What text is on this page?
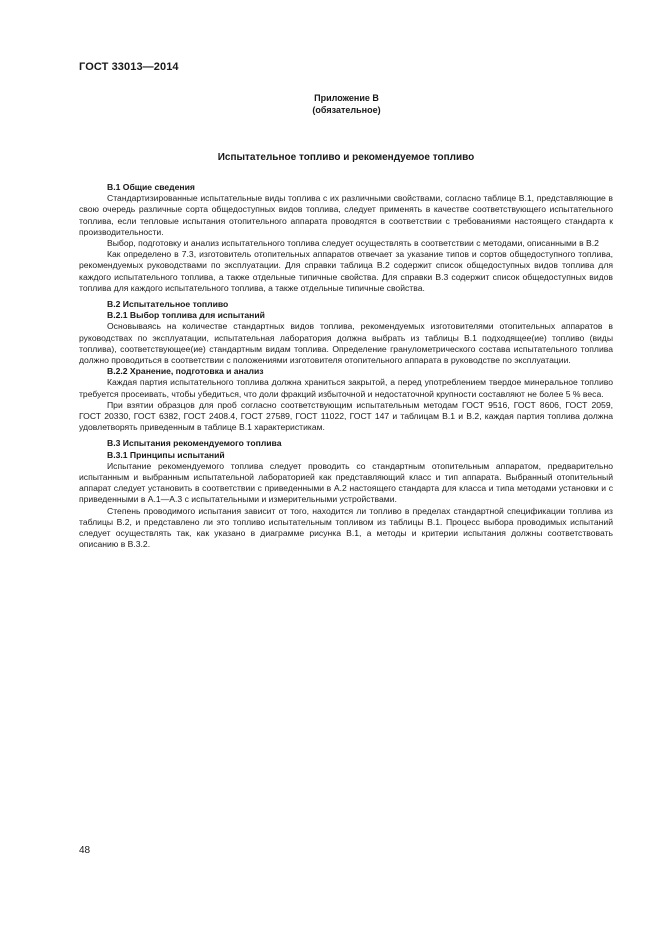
ГОСТ 33013—2014
Приложение В
(обязательное)
Испытательное топливо и рекомендуемое топливо

В.1 Общие сведения

Стандартизированные испытательные виды топлива с их различными свойствами, согласно таблице В.1, представляющие в свою очередь различные сорта общедоступных видов топлива, следует применять в качестве соответствующего испытательного топлива, если тепловые испытания отопительного аппарата проводятся в соответствии с требованиями настоящего стандарта к производительности.

Выбор, подготовку и анализ испытательного топлива следует осуществлять в соответствии с методами, описанными в В.2

Как определено в 7.3, изготовитель отопительных аппаратов отвечает за указание типов и сортов общедоступного топлива, рекомендуемых руководствами по эксплуатации. Для справки таблица В.2 содержит список общедоступных видов топлива для каждого испытательного топлива, а также отдельные типичные свойства. Для справки В.3 содержит список общедоступных видов топлива для каждого испытательного топлива, а также отдельные типичные свойства.

В.2 Испытательное топливо

В.2.1 Выбор топлива для испытаний

Основываясь на количестве стандартных видов топлива, рекомендуемых изготовителями отопительных аппаратов в руководствах по эксплуатации, испытательная лаборатория должна выбрать из таблицы В.1 подходящее(ие) топливо (виды топлива), соответствующее(ие) стандартным видам топлива. Определение гранулометрического состава испытательного топлива должно проводиться в соответствии с положениями изготовителя отопительного аппарата в руководстве по эксплуатации.

В.2.2 Хранение, подготовка и анализ

Каждая партия испытательного топлива должна храниться закрытой, а перед употреблением твердое минеральное топливо требуется просеивать, чтобы убедиться, что доли фракций избыточной и недостаточной крупности составляют не более 5 % веса.

При взятии образцов для проб согласно соответствующим испытательным методам ГОСТ 9516, ГОСТ 8606, ГОСТ 2059, ГОСТ 20330, ГОСТ 6382, ГОСТ 2408.4, ГОСТ 27589, ГОСТ 11022, ГОСТ 147 и таблицам В.1 и В.2, каждая партия топлива должна удовлетворять приведенным в таблице В.1 характеристикам.

В.3 Испытания рекомендуемого топлива

В.3.1 Принципы испытаний

Испытание рекомендуемого топлива следует проводить со стандартным отопительным аппаратом, предварительно испытанным и выбранным испытательной лабораторией как представляющий класс и тип аппарата. Выбранный отопительный аппарат следует установить в соответствии с приведенными в А.2 настоящего стандарта для класса и типа методами установки и с приведенными в А.1—А.3 с испытательными и измерительными устройствами.

Степень проводимого испытания зависит от того, находится ли топливо в пределах стандартной спецификации топлива из таблицы В.2, и представлено ли это топливо испытательным топливом из таблицы В.1. Процесс выбора проводимых испытаний следует осуществлять так, как указано в диаграмме рисунка В.1, а методы и критерии испытания должны соответствовать описанию в В.3.2.

48
